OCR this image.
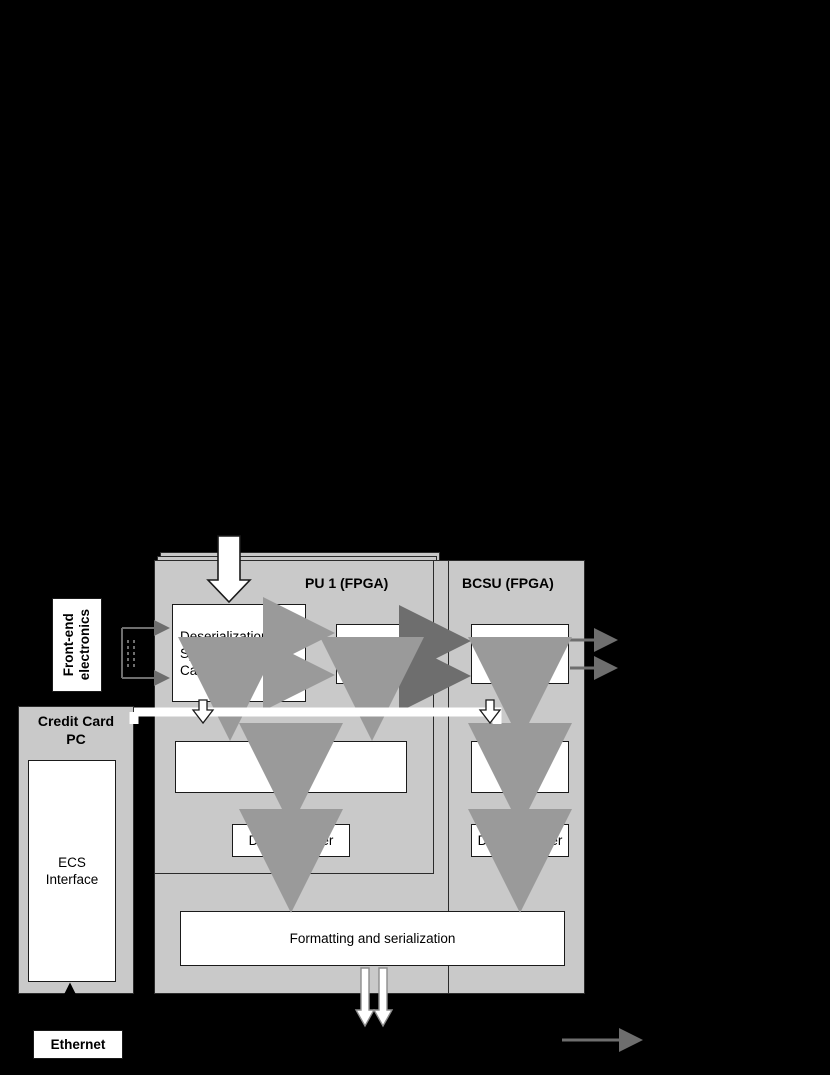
PU 1 (FPGA)	BCSU (FPGA)
Front-end
electronics
Credit Card
PC
ECS
Interface
Ethernet
Deserialization
Synchronization
Candidates search
$p_T$
L0 Buffer
Derandomizer
Candidates
selection
L0 Buffer
Derandomizer
Formatting and serialization
